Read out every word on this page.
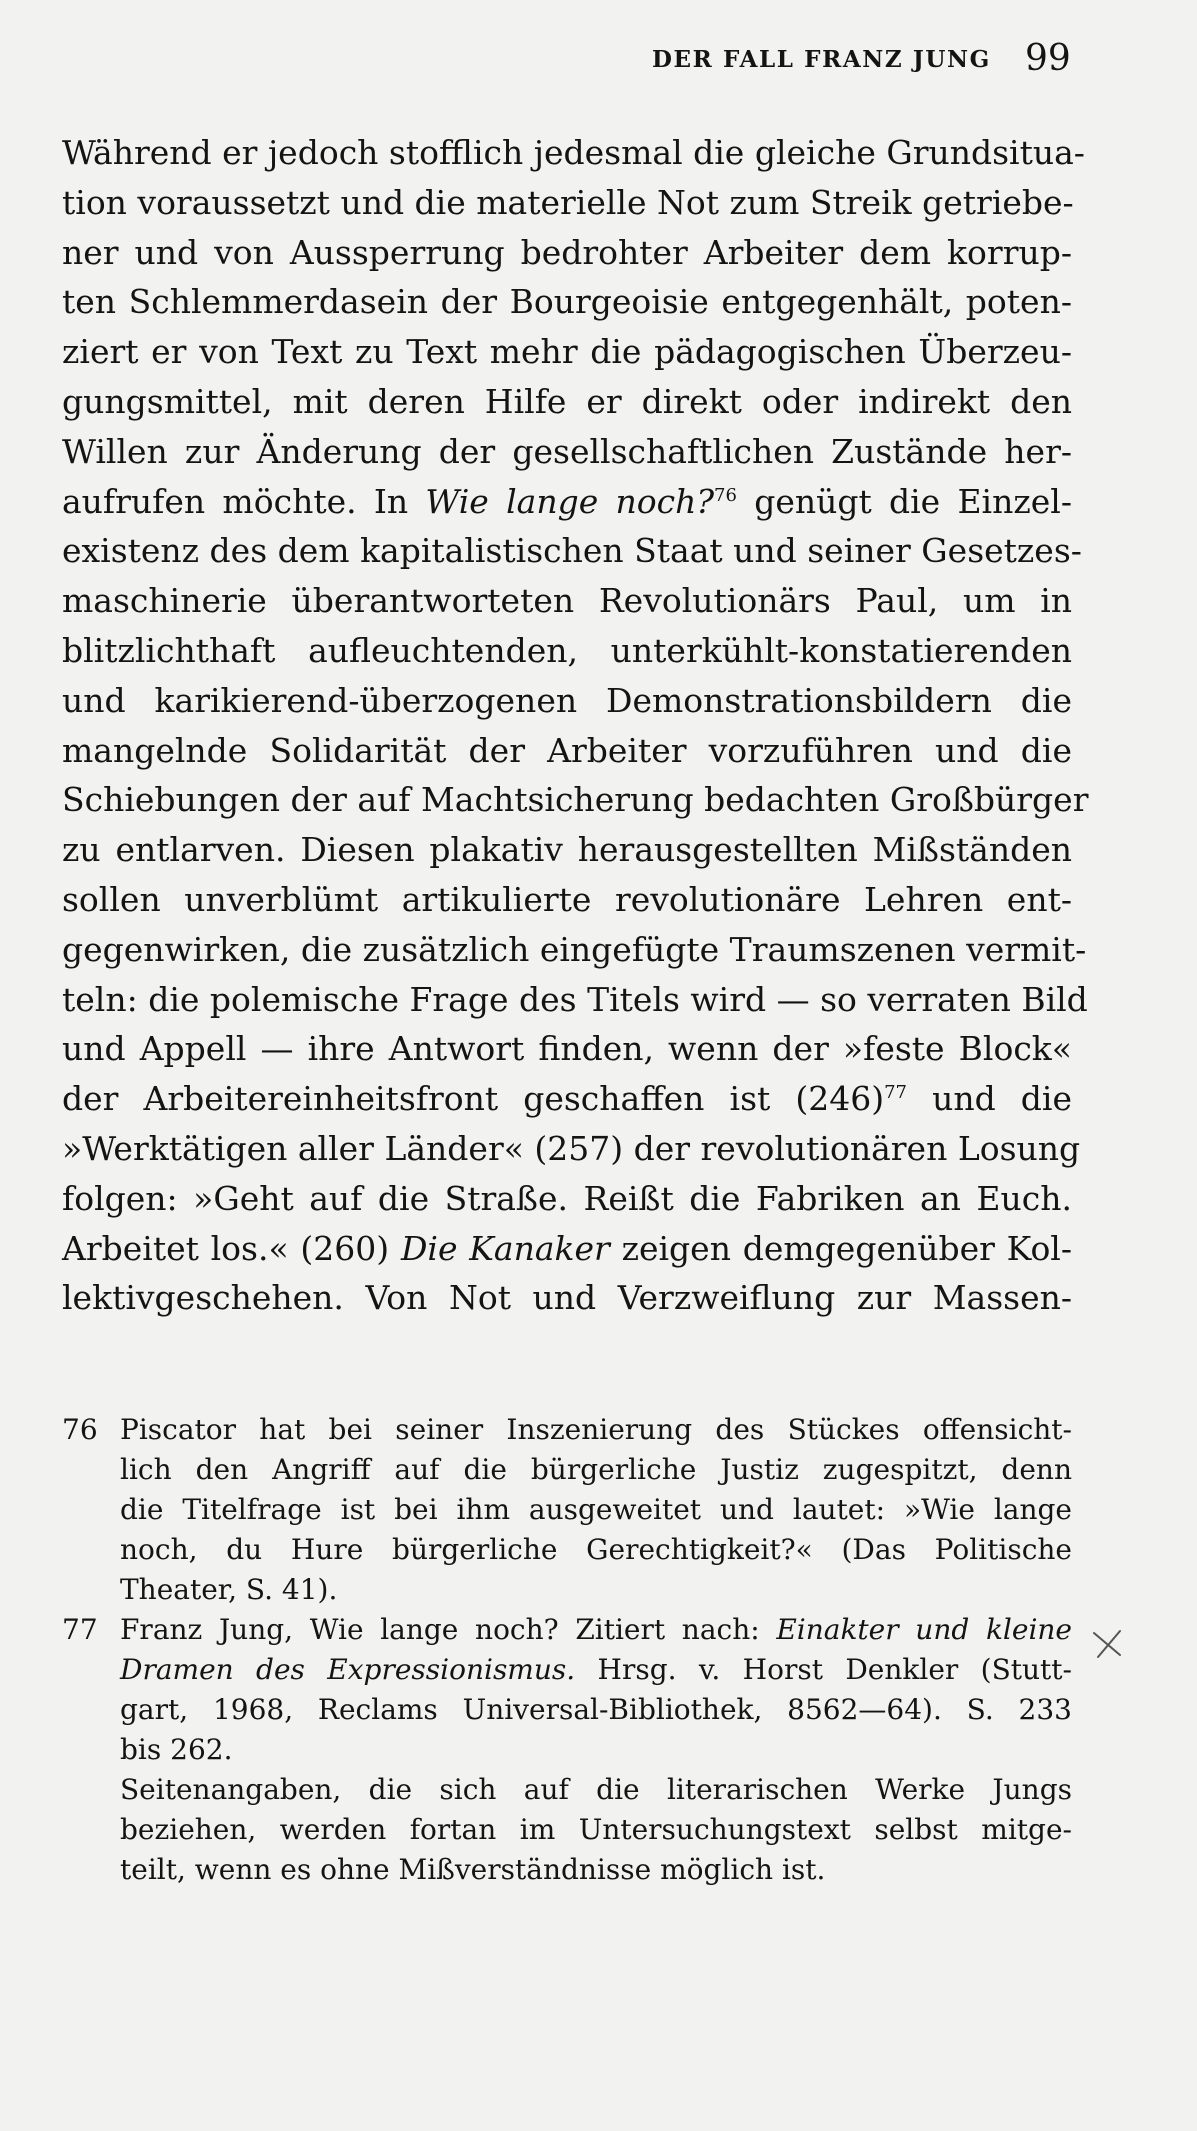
DER FALL FRANZ JUNG 99
Während er jedoch stofflich jedesmal die gleiche Grundsitua-
tion voraussetzt und die materielle Not zum Streik getriebe-
ner und von Aussperrung bedrohter Arbeiter dem korrup-
ten Schlemmerdasein der Bourgeoisie entgegenhält, poten-
ziert er von Text zu Text mehr die pädagogischen Überzeu-
gungsmittel, mit deren Hilfe er direkt oder indirekt den
Willen zur Änderung der gesellschaftlichen Zustände her-
aufrufen möchte. In Wie lange noch?$^{76}$ genügt die Einzel-
existenz des dem kapitalistischen Staat und seiner Gesetzes-
maschinerie überantworteten Revolutionärs Paul, um in
blitzlichthaft aufleuchtenden, unterkühlt-konstatierenden
und karikierend-überzogenen Demonstrationsbildern die
mangelnde Solidarität der Arbeiter vorzuführen und die
Schiebungen der auf Machtsicherung bedachten Großbürger
zu entlarven. Diesen plakativ herausgestellten Mißständen
sollen unverblümt artikulierte revolutionäre Lehren ent-
gegenwirken, die zusätzlich eingefügte Traumszenen vermit-
teln: die polemische Frage des Titels wird — so verraten Bild
und Appell — ihre Antwort finden, wenn der »feste Block«
der Arbeitereinheitsfront geschaffen ist $(246)^{77}$ und die
»Werktätigen aller Länder« (257) der revolutionären Losung
folgen: »Geht auf die Straße. Reißt die Fabriken an Euch.
Arbeitet los.« (260) Die Kanaker zeigen demgegenüber Kol-
lektivgeschehen. Von Not und Verzweiflung zur Massen-
76 Piscator hat bei seiner Inszenierung des Stückes offensicht-
lich den Angriff auf die bürgerliche Justiz zugespitzt, denn
die Titelfrage ist bei ihm ausgeweitet und lautet: »Wie lange
noch, du Hure bürgerliche Gerechtigkeit?« (Das Politische
Theater, S. 41).
77 Franz Jung, Wie lange noch? Zitiert nach: Einakter und kleine
Dramen des Expressionismus. Hrsg. v. Horst Denkler (Stutt-
gart, 1968, Reclams Universal-Bibliothek, 8562—64). S. 233
bis 262.
Seitenangaben, die sich auf die literarischen Werke Jungs
beziehen, werden fortan im Untersuchungstext selbst mitge-
teilt, wenn es ohne Mißverständnisse möglich ist.
